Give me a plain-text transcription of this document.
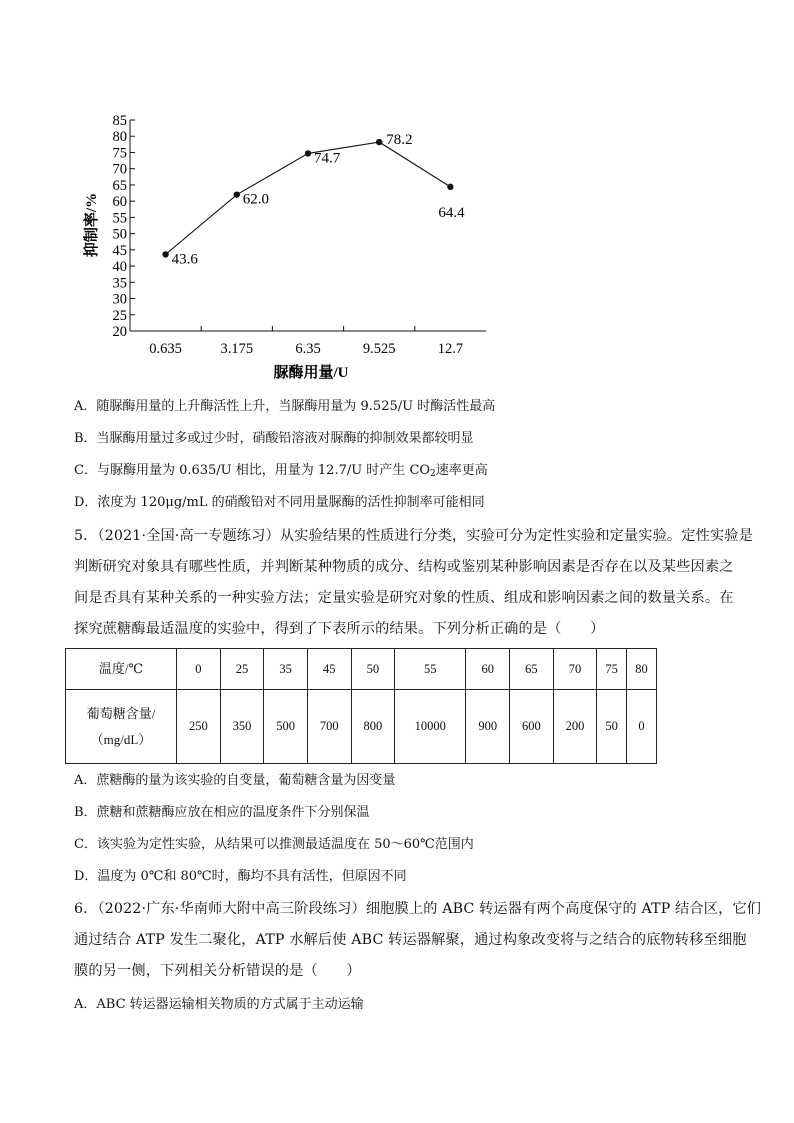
20
25
30
35
40
45
50
55
60
65
70
75
80
85
0.635	3.175	6.35	9.525	12.7
43.6
62.0
74.7
78.2
64.4
抑制率/%
脲酶用量/U
A．随脲酶用量的上升酶活性上升，当脲酶用量为 9.525/U 时酶活性最高
B．当脲酶用量过多或过少时，硝酸铅溶液对脲酶的抑制效果都较明显
C．与脲酶用量为 0.635/U 相比，用量为 12.7/U 时产生 $CO_2$速率更高
D．浓度为 120μg/mL 的硝酸铅对不同用量脲酶的活性抑制率可能相同
5．（2021·全国·高一专题练习）从实验结果的性质进行分类，实验可分为定性实验和定量实验。定性实验是
判断研究对象具有哪些性质，并判断某种物质的成分、结构或鉴别某种影响因素是否存在以及某些因素之
间是否具有某种关系的一种实验方法；定量实验是研究对象的性质、组成和影响因素之间的数量关系。在
探究蔗糖酶最适温度的实验中，得到了下表所示的结果。下列分析正确的是（　　）
温度/℃	0	25	35	45	50	55	60	65	70	75	80
葡萄糖含量/
（mg/dL）	250	350	500	700	800	10000	900	600	200	50	0
A．蔗糖酶的量为该实验的自变量，葡萄糖含量为因变量
B．蔗糖和蔗糖酶应放在相应的温度条件下分别保温
C．该实验为定性实验，从结果可以推测最适温度在 50～60℃范围内
D．温度为 0℃和 80℃时，酶均不具有活性，但原因不同
6．（2022·广东·华南师大附中高三阶段练习）细胞膜上的 ABC 转运器有两个高度保守的 ATP 结合区，它们
通过结合 ATP 发生二聚化，ATP 水解后使 ABC 转运器解聚，通过构象改变将与之结合的底物转移至细胞
膜的另一侧，下列相关分析错误的是（　　）
A．ABC 转运器运输相关物质的方式属于主动运输
